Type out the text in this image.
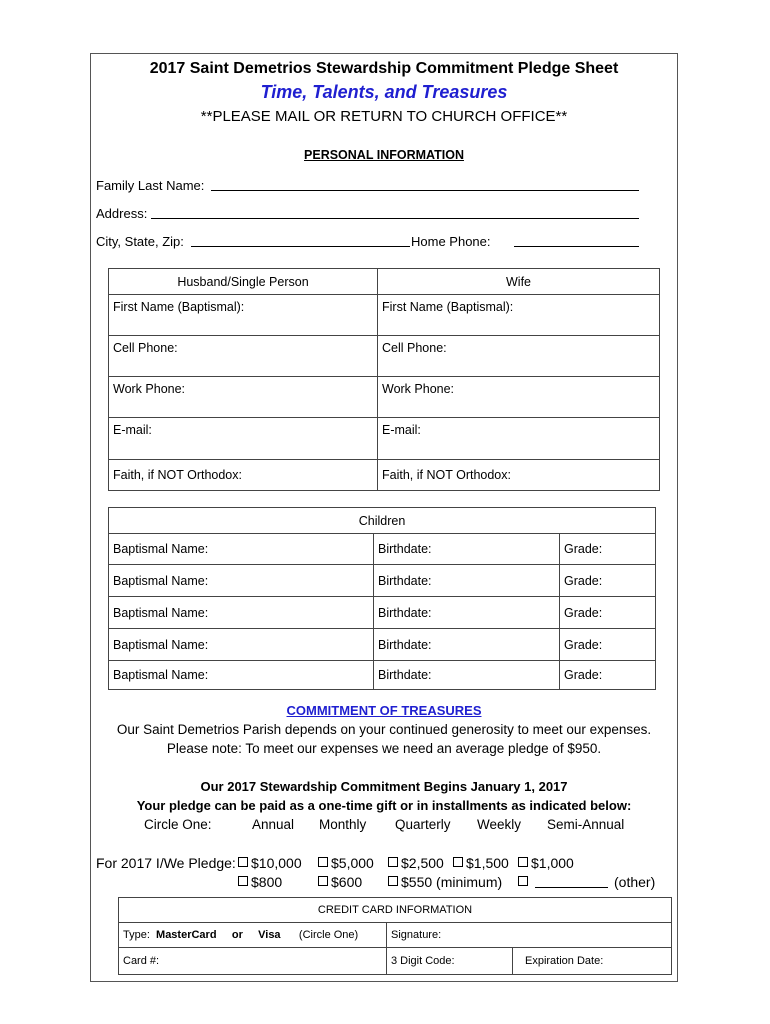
2017 Saint Demetrios Stewardship Commitment Pledge Sheet
Time, Talents, and Treasures
**PLEASE MAIL OR RETURN TO CHURCH OFFICE**
PERSONAL INFORMATION
Family Last Name:
Address:
City, State, Zip:	Home Phone:
Husband/Single Person	Wife
First Name (Baptismal):	First Name (Baptismal):
Cell Phone:	Cell Phone:
Work Phone:	Work Phone:
E-mail:	E-mail:
Faith, if NOT Orthodox:	Faith, if NOT Orthodox:
Children		
Baptismal Name:	Birthdate:	Grade:
Baptismal Name:	Birthdate:	Grade:
Baptismal Name:	Birthdate:	Grade:
Baptismal Name:	Birthdate:	Grade:
Baptismal Name:	Birthdate:	Grade:
COMMITMENT OF TREASURES
Our Saint Demetrios Parish depends on your continued generosity to meet our expenses.
Please note: To meet our expenses we need an average pledge of $950.
Our 2017 Stewardship Commitment Begins January 1, 2017
Your pledge can be paid as a one-time gift or in installments as indicated below:
Circle One:	Annual Monthly Quarterly Weekly Semi-Annual
For 2017 I/We Pledge:	$10,000	$5,000	$2,500	$1,500	$1,000
$800	$600	$550 (minimum)	(other)
CREDIT CARD INFORMATION		
Type: MasterCard or Visa (Circle One)	Signature:	
Card #:	3 Digit Code:	Expiration Date:
